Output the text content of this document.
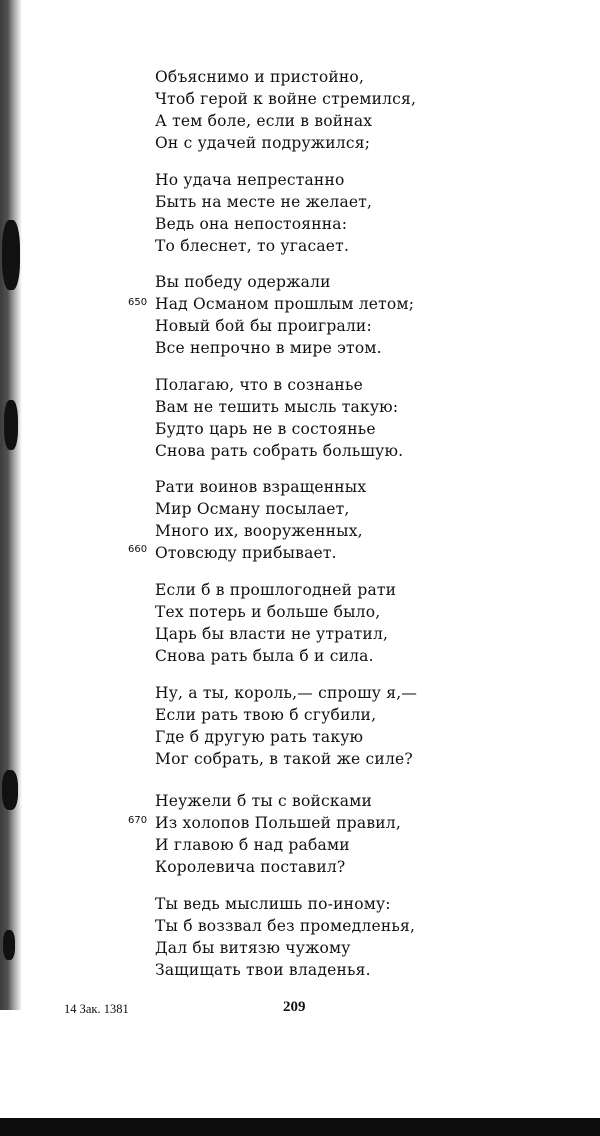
Объяснимо и пристойно,
Чтоб герой к войне стремился,
А тем боле, если в войнах
Он с удачей подружился;
Но удача непрестанно
Быть на месте не желает,
Ведь она непостоянна:
То блеснет, то угасает.
Вы победу одержали
Над Османом прошлым летом;
Новый бой бы проиграли:
Все непрочно в мире этом.
Полагаю, что в сознанье
Вам не тешить мысль такую:
Будто царь не в состоянье
Снова рать собрать большую.
Рати воинов взращенных
Мир Осману посылает,
Много их, вооруженных,
Отовсюду прибывает.
Если б в прошлогодней рати
Тех потерь и больше было,
Царь бы власти не утратил,
Снова рать была б и сила.
Ну, а ты, король,— спрошу я,—
Если рать твою б сгубили,
Где б другую рать такую
Мог собрать, в такой же силе?
Неужели б ты с войсками
Из холопов Польшей правил,
И главою б над рабами
Королевича поставил?
Ты ведь мыслишь по-иному:
Ты б воззвал без промедленья,
Дал бы витязю чужому
Защищать твои владенья.
650
660
670
14 Зак. 1381	209
